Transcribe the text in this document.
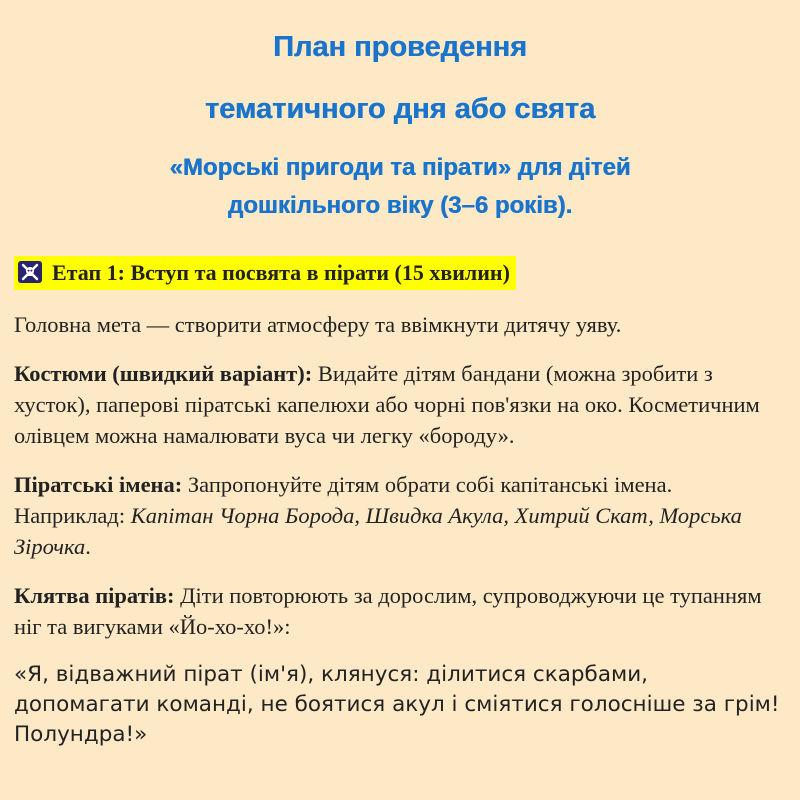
План проведення
тематичного дня або свята
«Морські пригоди та пірати» для дітей
дошкільного віку (3–6 років).
Етап 1: Вступ та посвята в пірати (15 хвилин)

Головна мета — створити атмосферу та ввімкнути дитячу уяву.

Костюми (швидкий варіант): Видайте дітям бандани (можна зробити з хусток), паперові піратські капелюхи або чорні пов'язки на око. Косметичним олівцем можна намалювати вуса чи легку «бороду».

Піратські імена: Запропонуйте дітям обрати собі капітанські імена. Наприклад: Капітан Чорна Борода, Швидка Акула, Хитрий Скат, Морська Зірочка.

Клятва піратів: Діти повторюють за дорослим, супроводжуючи це тупанням ніг та вигуками «Йо-хо-хо!»:

«Я, відважний пірат (ім'я), клянуся: ділитися скарбами, допомагати команді, не боятися акул і сміятися голосніше за грім! Полундра!»
